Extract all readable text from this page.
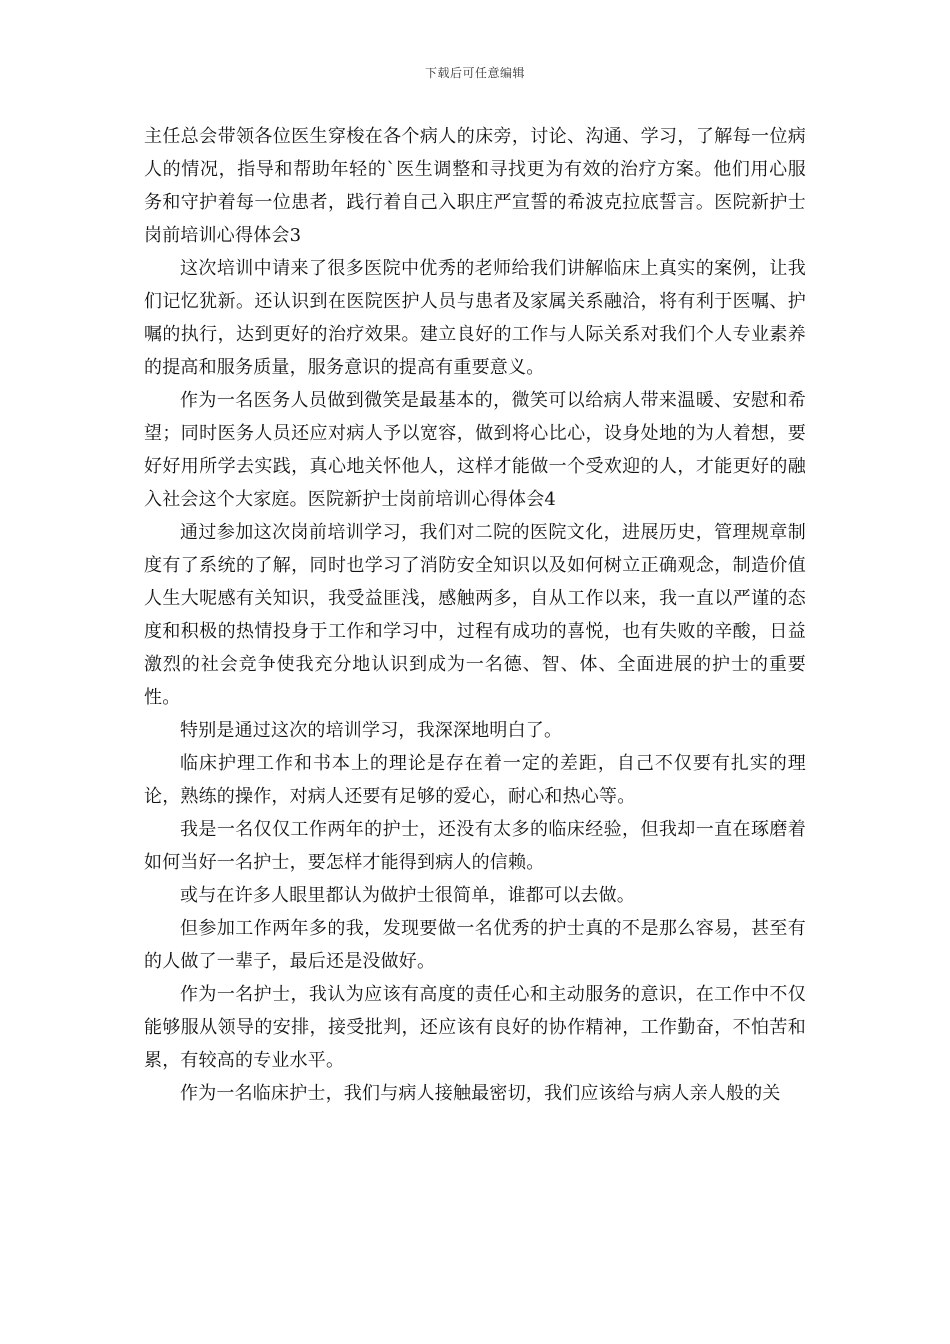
下载后可任意编辑

主任总会带领各位医生穿梭在各个病人的床旁，讨论、沟通、学习，了解每一位病人的情况，指导和帮助年轻的`医生调整和寻找更为有效的治疗方案。他们用心服务和守护着每一位患者，践行着自己入职庄严宣誓的希波克拉底誓言。医院新护士岗前培训心得体会3

这次培训中请来了很多医院中优秀的老师给我们讲解临床上真实的案例，让我们记忆犹新。还认识到在医院医护人员与患者及家属关系融洽，将有利于医嘱、护嘱的执行，达到更好的治疗效果。建立良好的工作与人际关系对我们个人专业素养的提高和服务质量，服务意识的提高有重要意义。

作为一名医务人员做到微笑是最基本的，微笑可以给病人带来温暖、安慰和希望；同时医务人员还应对病人予以宽容，做到将心比心，设身处地的为人着想，要好好用所学去实践，真心地关怀他人，这样才能做一个受欢迎的人，才能更好的融入社会这个大家庭。医院新护士岗前培训心得体会4

通过参加这次岗前培训学习，我们对二院的医院文化，进展历史，管理规章制度有了系统的了解，同时也学习了消防安全知识以及如何树立正确观念，制造价值人生大呢感有关知识，我受益匪浅，感触两多，自从工作以来，我一直以严谨的态度和积极的热情投身于工作和学习中，过程有成功的喜悦，也有失败的辛酸，日益激烈的社会竞争使我充分地认识到成为一名德、智、体、全面进展的护士的重要性。

特别是通过这次的培训学习，我深深地明白了。

临床护理工作和书本上的理论是存在着一定的差距，自己不仅要有扎实的理论，熟练的操作，对病人还要有足够的爱心，耐心和热心等。

我是一名仅仅工作两年的护士，还没有太多的临床经验，但我却一直在琢磨着如何当好一名护士，要怎样才能得到病人的信赖。

或与在许多人眼里都认为做护士很简单，谁都可以去做。

但参加工作两年多的我，发现要做一名优秀的护士真的不是那么容易，甚至有的人做了一辈子，最后还是没做好。

作为一名护士，我认为应该有高度的责任心和主动服务的意识，在工作中不仅能够服从领导的安排，接受批判，还应该有良好的协作精神，工作勤奋，不怕苦和累，有较高的专业水平。

作为一名临床护士，我们与病人接触最密切，我们应该给与病人亲人般的关
